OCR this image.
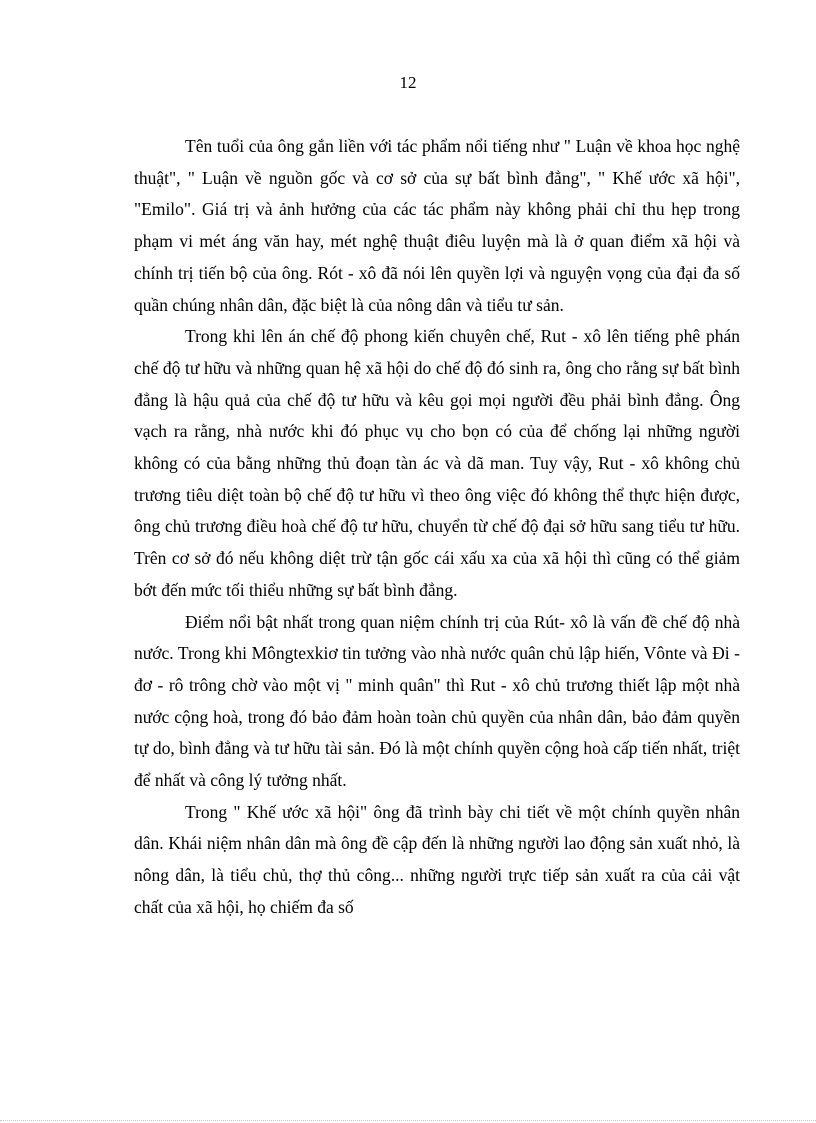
12

Tên tuổi của ông gắn liền với tác phẩm nổi tiếng như " Luận về khoa học nghệ thuật", " Luận về nguồn gốc và cơ sở của sự bất bình đẳng", " Khế ước xã hội", "Emilo". Giá trị và ảnh hưởng của các tác phẩm này không phải chỉ thu hẹp trong phạm vi mét áng văn hay, mét nghệ thuật điêu luyện mà là ở quan điểm xã hội và chính trị tiến bộ của ông. Rót - xô đã nói lên quyền lợi và nguyện vọng của đại đa số quần chúng nhân dân, đặc biệt là của nông dân và tiểu tư sản.

Trong khi lên án chế độ phong kiến chuyên chế, Rut - xô lên tiếng phê phán chế độ tư hữu và những quan hệ xã hội do chế độ đó sinh ra, ông cho rằng sự bất bình đẳng là hậu quả của chế độ tư hữu và kêu gọi mọi người đều phải bình đẳng. Ông vạch ra rằng, nhà nước khi đó phục vụ cho bọn có của để chống lại những người không có của bằng những thủ đoạn tàn ác và dã man. Tuy vậy, Rut - xô không chủ trương tiêu diệt toàn bộ chế độ tư hữu vì theo ông việc đó không thể thực hiện được, ông chủ trương điều hoà chế độ tư hữu, chuyển từ chế độ đại sở hữu sang tiểu tư hữu. Trên cơ sở đó nếu không diệt trừ tận gốc cái xấu xa của xã hội thì cũng có thể giảm bớt đến mức tối thiểu những sự bất bình đẳng.

Điểm nổi bật nhất trong quan niệm chính trị của Rút- xô là vấn đề chế độ nhà nước. Trong khi Môngtexkiơ tin tưởng vào nhà nước quân chủ lập hiến, Vônte và Đi - đơ - rô trông chờ vào một vị " minh quân" thì Rut - xô chủ trương thiết lập một nhà nước cộng hoà, trong đó bảo đảm hoàn toàn chủ quyền của nhân dân, bảo đảm quyền tự do, bình đẳng và tư hữu tài sản. Đó là một chính quyền cộng hoà cấp tiến nhất, triệt để nhất và công lý tưởng nhất.

Trong " Khế ước xã hội" ông đã trình bày chi tiết về một chính quyền nhân dân. Khái niệm nhân dân mà ông đề cập đến là những người lao động sản xuất nhỏ, là nông dân, là tiểu chủ, thợ thủ công... những người trực tiếp sản xuất ra của cải vật chất của xã hội, họ chiếm đa số
